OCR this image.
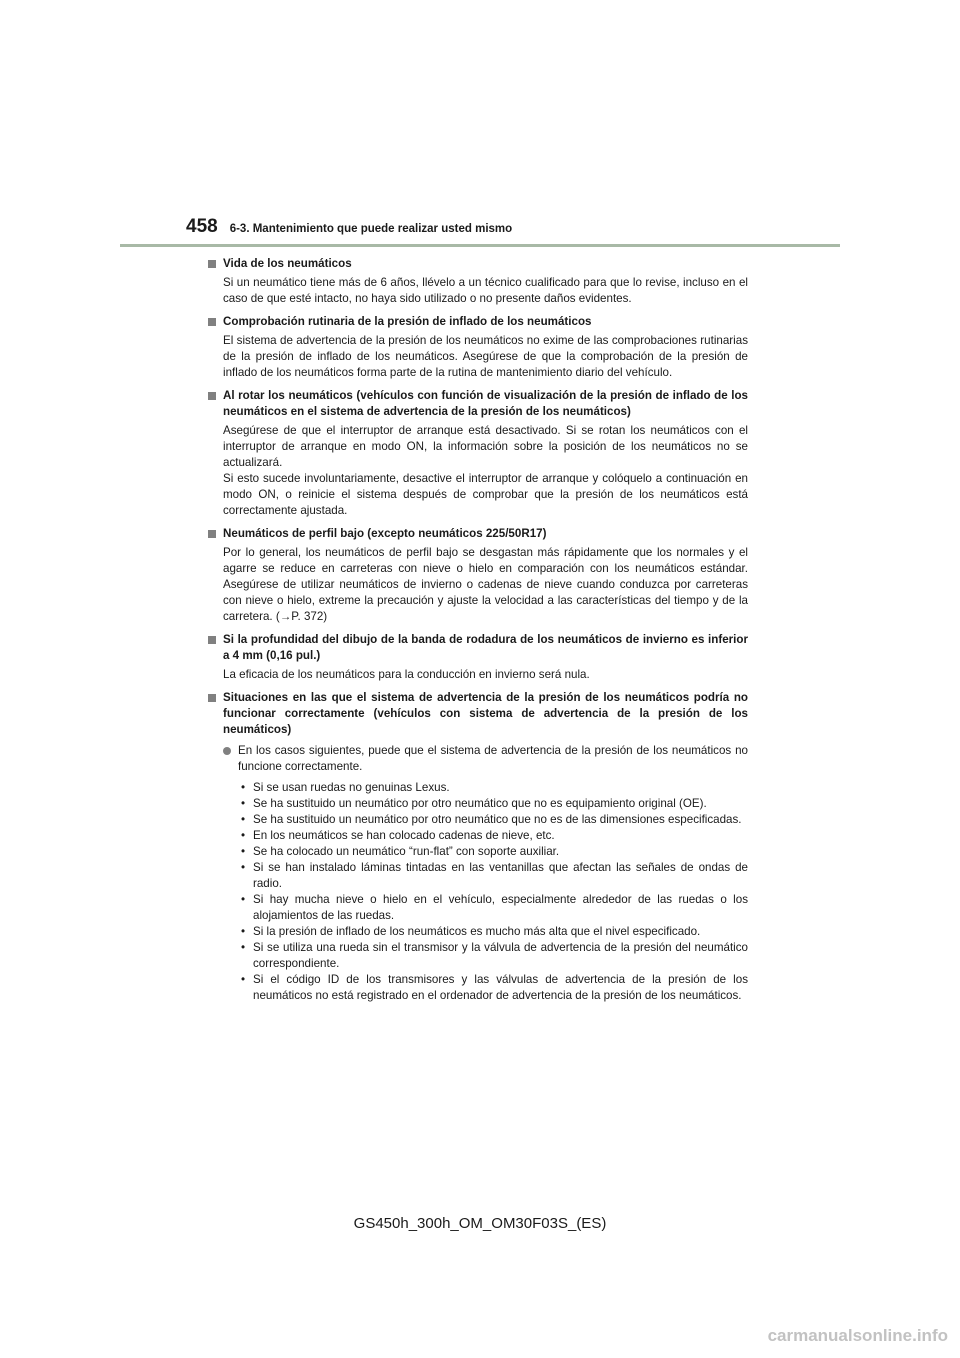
458 6-3. Mantenimiento que puede realizar usted mismo
Vida de los neumáticos
Si un neumático tiene más de 6 años, llévelo a un técnico cualificado para que lo revise, incluso en el caso de que esté intacto, no haya sido utilizado o no presente daños evidentes.
Comprobación rutinaria de la presión de inflado de los neumáticos
El sistema de advertencia de la presión de los neumáticos no exime de las comprobaciones rutinarias de la presión de inflado de los neumáticos. Asegúrese de que la comprobación de la presión de inflado de los neumáticos forma parte de la rutina de mantenimiento diario del vehículo.
Al rotar los neumáticos (vehículos con función de visualización de la presión de inflado de los neumáticos en el sistema de advertencia de la presión de los neumáticos)
Asegúrese de que el interruptor de arranque está desactivado. Si se rotan los neumáticos con el interruptor de arranque en modo ON, la información sobre la posición de los neumáticos no se actualizará.
Si esto sucede involuntariamente, desactive el interruptor de arranque y colóquelo a continuación en modo ON, o reinicie el sistema después de comprobar que la presión de los neumáticos está correctamente ajustada.
Neumáticos de perfil bajo (excepto neumáticos 225/50R17)
Por lo general, los neumáticos de perfil bajo se desgastan más rápidamente que los normales y el agarre se reduce en carreteras con nieve o hielo en comparación con los neumáticos estándar. Asegúrese de utilizar neumáticos de invierno o cadenas de nieve cuando conduzca por carreteras con nieve o hielo, extreme la precaución y ajuste la velocidad a las características del tiempo y de la carretera. (→P. 372)
Si la profundidad del dibujo de la banda de rodadura de los neumáticos de invierno es inferior a 4 mm (0,16 pul.)
La eficacia de los neumáticos para la conducción en invierno será nula.
Situaciones en las que el sistema de advertencia de la presión de los neumáticos podría no funcionar correctamente (vehículos con sistema de advertencia de la presión de los neumáticos)
En los casos siguientes, puede que el sistema de advertencia de la presión de los neumáticos no funcione correctamente.
• Si se usan ruedas no genuinas Lexus.
• Se ha sustituido un neumático por otro neumático que no es equipamiento original (OE).
• Se ha sustituido un neumático por otro neumático que no es de las dimensiones especificadas.
• En los neumáticos se han colocado cadenas de nieve, etc.
• Se ha colocado un neumático “run-flat” con soporte auxiliar.
• Si se han instalado láminas tintadas en las ventanillas que afectan las señales de ondas de radio.
• Si hay mucha nieve o hielo en el vehículo, especialmente alrededor de las ruedas o los alojamientos de las ruedas.
• Si la presión de inflado de los neumáticos es mucho más alta que el nivel especificado.
• Si se utiliza una rueda sin el transmisor y la válvula de advertencia de la presión del neumático correspondiente.
• Si el código ID de los transmisores y las válvulas de advertencia de la presión de los neumáticos no está registrado en el ordenador de advertencia de la presión de los neumáticos.
GS450h_300h_OM_OM30F03S_(ES)
carmanualsonline.info
